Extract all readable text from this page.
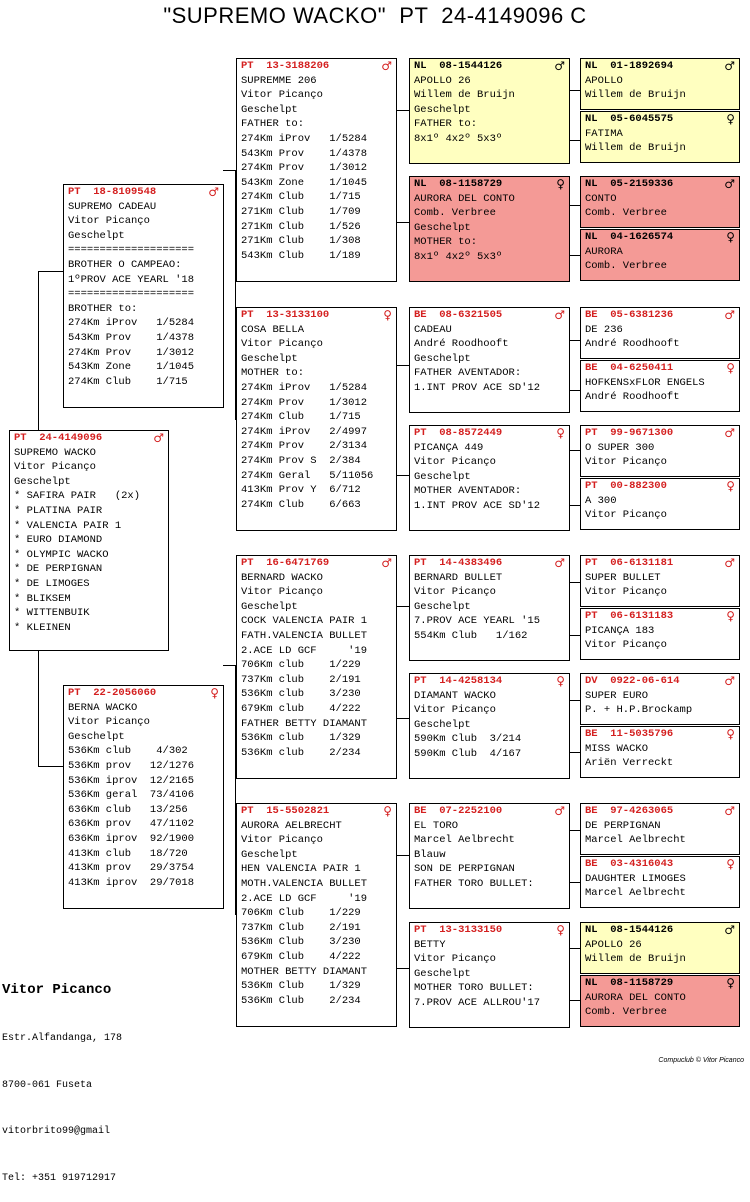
"SUPREMO WACKO"  PT  24-4149096 C
PT  24-4149096	♂
SUPREMO WACKO
Vitor Picanço
Geschelpt
* SAFIRA PAIR   (2x)
* PLATINA PAIR
* VALENCIA PAIR 1
* EURO DIAMOND
* OLYMPIC WACKO
* DE PERPIGNAN
* DE LIMOGES
* BLIKSEM
* WITTENBUIK
* KLEINEN
PT  18-8109548	♂
SUPREMO CADEAU
Vitor Picanço
Geschelpt
====================
BROTHER O CAMPEAO:
1ºPROV ACE YEARL '18
====================
BROTHER to:
274Km iProv   1/5284
543Km Prov    1/4378
274Km Prov    1/3012
543Km Zone    1/1045
274Km Club    1/715
PT  22-2056060	♀
BERNA WACKO
Vitor Picanço
Geschelpt
536Km club    4/302
536Km prov   12/1276
536Km iprov  12/2165
536Km geral  73/4106
636Km club   13/256
636Km prov   47/1102
636Km iprov  92/1900
413Km club   18/720
413Km prov   29/3754
413Km iprov  29/7018
PT  13-3188206	♂
SUPREMME 206
Vitor Picanço
Geschelpt
FATHER to:
274Km iProv   1/5284
543Km Prov    1/4378
274Km Prov    1/3012
543Km Zone    1/1045
274Km Club    1/715
271Km Club    1/709
271Km Club    1/526
271Km Club    1/308
543Km Club    1/189
PT  13-3133100	♀
COSA BELLA
Vitor Picanço
Geschelpt
MOTHER to:
274Km iProv   1/5284
274Km Prov    1/3012
274Km Club    1/715
274Km iProv   2/4997
274Km Prov    2/3134
274Km Prov S  2/384
274Km Geral   5/11056
413Km Prov Y  6/712
274Km Club    6/663
PT  16-6471769	♂
BERNARD WACKO
Vitor Picanço
Geschelpt
COCK VALENCIA PAIR 1
FATH.VALENCIA BULLET
2.ACE LD GCF     '19
706Km club    1/229
737Km club    2/191
536Km club    3/230
679Km club    4/222
FATHER BETTY DIAMANT
536Km club    1/329
536Km club    2/234
PT  15-5502821	♀
AURORA AELBRECHT
Vitor Picanço
Geschelpt
HEN VALENCIA PAIR 1
MOTH.VALENCIA BULLET
2.ACE LD GCF     '19
706Km Club    1/229
737Km Club    2/191
536Km Club    3/230
679Km Club    4/222
MOTHER BETTY DIAMANT
536Km Club    1/329
536Km Club    2/234
NL  08-1544126	♂
APOLLO 26
Willem de Bruijn
Geschelpt
FATHER to:
8x1º 4x2º 5x3º
NL  08-1158729	♀
AURORA DEL CONTO
Comb. Verbree
Geschelpt
MOTHER to:
8x1º 4x2º 5x3º
BE  08-6321505	♂
CADEAU
André Roodhooft
Geschelpt
FATHER AVENTADOR:
1.INT PROV ACE SD'12
PT  08-8572449	♀
PICANÇA 449
Vitor Picanço
Geschelpt
MOTHER AVENTADOR:
1.INT PROV ACE SD'12
PT  14-4383496	♂
BERNARD BULLET
Vitor Picanço
Geschelpt
7.PROV ACE YEARL '15
554Km Club   1/162
PT  14-4258134	♀
DIAMANT WACKO
Vitor Picanço
Geschelpt
590Km Club  3/214
590Km Club  4/167
BE  07-2252100	♂
EL TORO
Marcel Aelbrecht
Blauw
SON DE PERPIGNAN
FATHER TORO BULLET:
PT  13-3133150	♀
BETTY
Vitor Picanço
Geschelpt
MOTHER TORO BULLET:
7.PROV ACE ALLROU'17
NL  01-1892694	♂
APOLLO
Willem de Bruijn
NL  05-6045575	♀
FATIMA
Willem de Bruijn
NL  05-2159336	♂
CONTO
Comb. Verbree
NL  04-1626574	♀
AURORA
Comb. Verbree
BE  05-6381236	♂
DE 236
André Roodhooft
BE  04-6250411	♀
HOFKENSxFLOR ENGELS
André Roodhooft
PT  99-9671300	♂
O SUPER 300
Vitor Picanço
PT  00-882300	♀
A 300
Vitor Picanço
PT  06-6131181	♂
SUPER BULLET
Vitor Picanço
PT  06-6131183	♀
PICANÇA 183
Vitor Picanço
DV  0922-06-614	♂
SUPER EURO
P. + H.P.Brockamp
BE  11-5035796	♀
MISS WACKO
Ariën Verreckt
BE  97-4263065	♂
DE PERPIGNAN
Marcel Aelbrecht
BE  03-4316043	♀
DAUGHTER LIMOGES
Marcel Aelbrecht
NL  08-1544126	♂
APOLLO 26
Willem de Bruijn
NL  08-1158729	♀
AURORA DEL CONTO
Comb. Verbree

Vitor Picanco

Estr.Alfandanga, 178

8700-061 Fuseta

vitorbrito99@gmail

Tel: +351 919712917

Compuclub © Vitor Picanco
